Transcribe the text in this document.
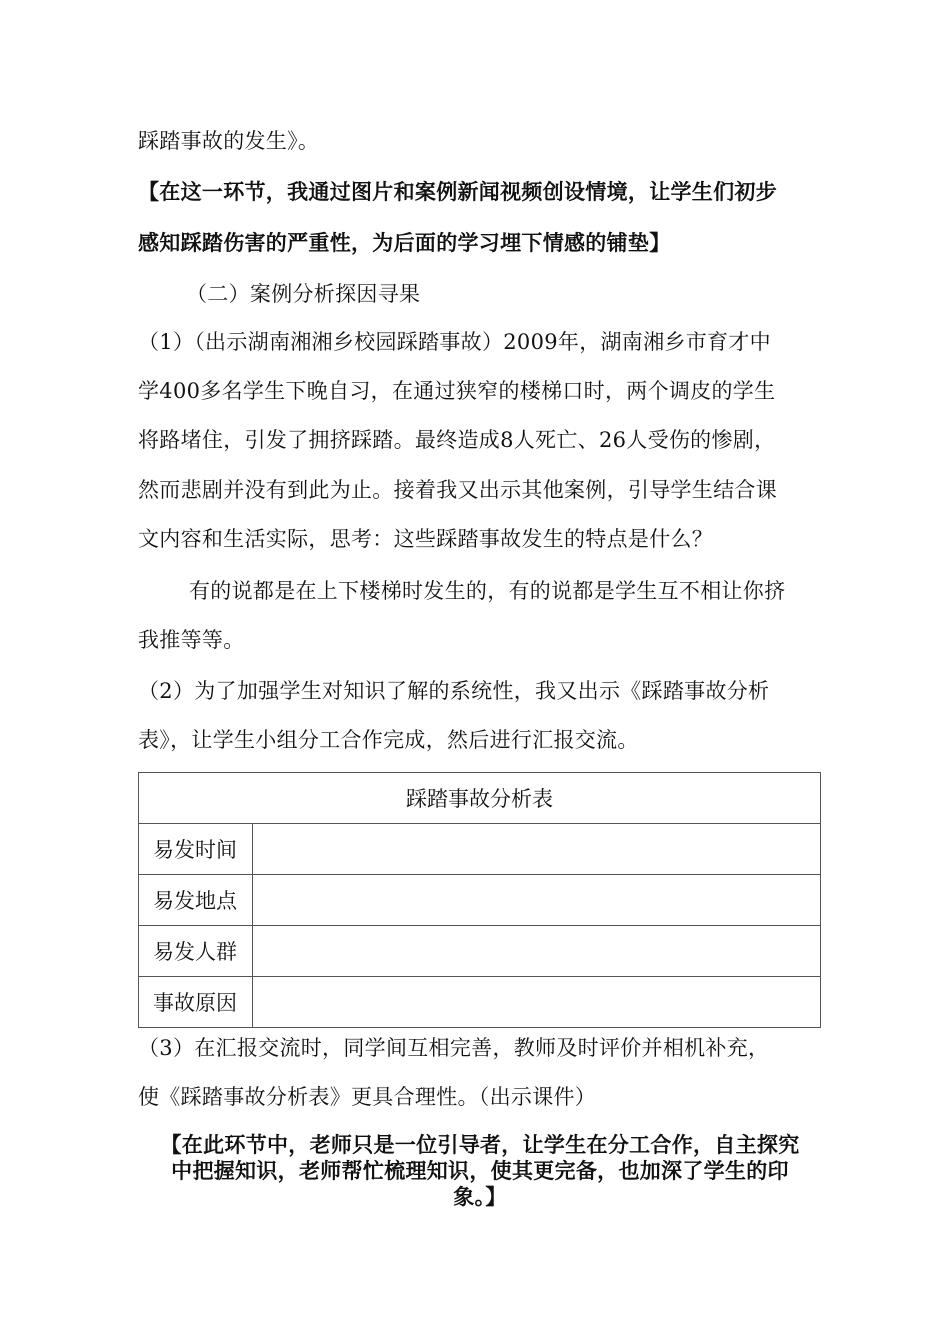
踩踏事故的发生》。
【在这一环节，我通过图片和案例新闻视频创设情境，让学生们初步
感知踩踏伤害的严重性，为后面的学习埋下情感的铺垫】
（二）案例分析探因寻果
（1）（出示湖南湘湘乡校园踩踏事故）2009年，湖南湘乡市育才中
学400多名学生下晚自习，在通过狭窄的楼梯口时，两个调皮的学生
将路堵住，引发了拥挤踩踏。最终造成8人死亡、26人受伤的惨剧，
然而悲剧并没有到此为止。接着我又出示其他案例，引导学生结合课
文内容和生活实际，思考：这些踩踏事故发生的特点是什么？
有的说都是在上下楼梯时发生的，有的说都是学生互不相让你挤
我推等等。
（2）为了加强学生对知识了解的系统性，我又出示《踩踏事故分析
表》，让学生小组分工合作完成，然后进行汇报交流。
踩踏事故分析表	
易发时间	
易发地点	
易发人群	
事故原因	
（3）在汇报交流时，同学间互相完善，教师及时评价并相机补充，
使《踩踏事故分析表》更具合理性。（出示课件）
【在此环节中，老师只是一位引导者，让学生在分工合作，自主探究
中把握知识，老师帮忙梳理知识，使其更完备，也加深了学生的印
象。】
